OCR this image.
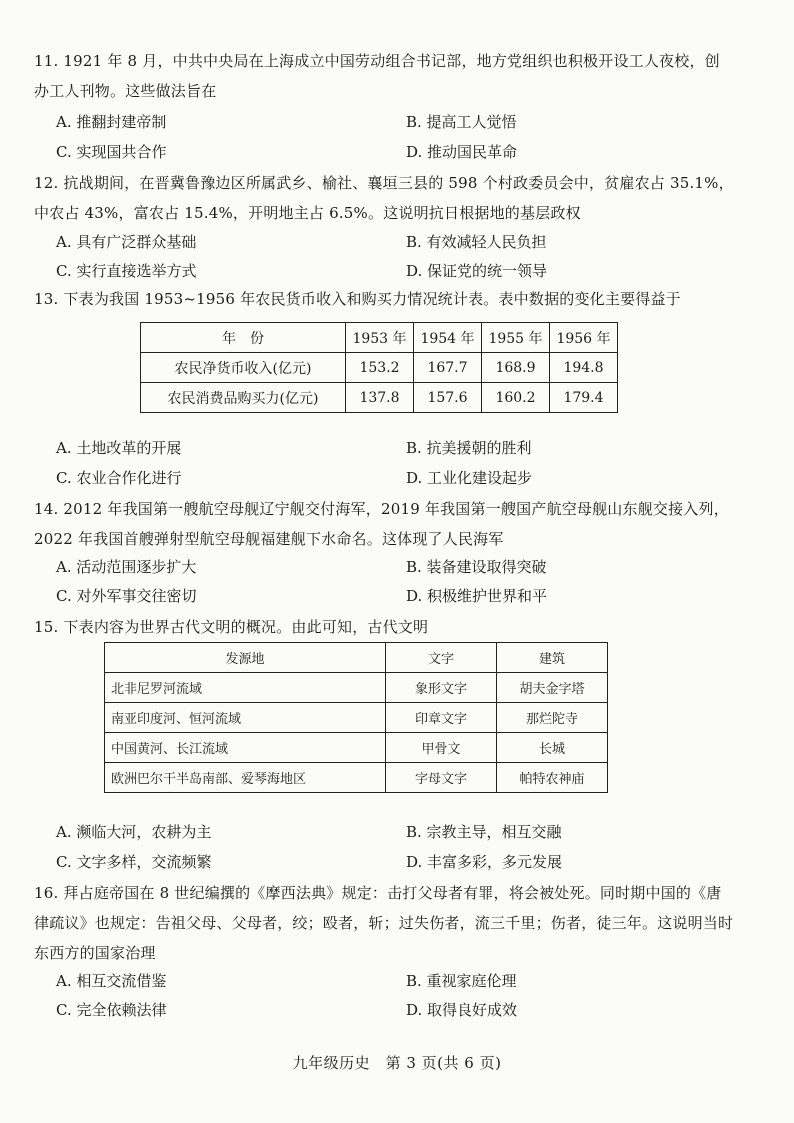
11. 1921 年 8 月，中共中央局在上海成立中国劳动组合书记部，地方党组织也积极开设工人夜校，创办工人刊物。这些做法旨在
A. 推翻封建帝制	B. 提高工人觉悟
C. 实现国共合作	D. 推动国民革命
12. 抗战期间，在晋冀鲁豫边区所属武乡、榆社、襄垣三县的 598 个村政委员会中，贫雇农占 35.1%，中农占 43%，富农占 15.4%，开明地主占 6.5%。这说明抗日根据地的基层政权
A. 具有广泛群众基础	B. 有效减轻人民负担
C. 实行直接选举方式	D. 保证党的统一领导
13. 下表为我国 1953~1956 年农民货币收入和购买力情况统计表。表中数据的变化主要得益于
年　份	1953 年	1954 年	1955 年	1956 年
农民净货币收入(亿元)	153.2	167.7	168.9	194.8
农民消费品购买力(亿元)	137.8	157.6	160.2	179.4
A. 土地改革的开展	B. 抗美援朝的胜利
C. 农业合作化进行	D. 工业化建设起步
14. 2012 年我国第一艘航空母舰辽宁舰交付海军，2019 年我国第一艘国产航空母舰山东舰交接入列，2022 年我国首艘弹射型航空母舰福建舰下水命名。这体现了人民海军
A. 活动范围逐步扩大	B. 装备建设取得突破
C. 对外军事交往密切	D. 积极维护世界和平
15. 下表内容为世界古代文明的概况。由此可知，古代文明
发源地	文字	建筑
北非尼罗河流域	象形文字	胡夫金字塔
南亚印度河、恒河流域	印章文字	那烂陀寺
中国黄河、长江流域	甲骨文	长城
欧洲巴尔干半岛南部、爱琴海地区	字母文字	帕特农神庙
A. 濒临大河，农耕为主	B. 宗教主导，相互交融
C. 文字多样，交流频繁	D. 丰富多彩，多元发展
16. 拜占庭帝国在 8 世纪编撰的《摩西法典》规定：击打父母者有罪，将会被处死。同时期中国的《唐律疏议》也规定：告祖父母、父母者，绞；殴者，斩；过失伤者，流三千里；伤者，徒三年。这说明当时东西方的国家治理
A. 相互交流借鉴	B. 重视家庭伦理
C. 完全依赖法律	D. 取得良好成效
九年级历史　第 3 页(共 6 页)
